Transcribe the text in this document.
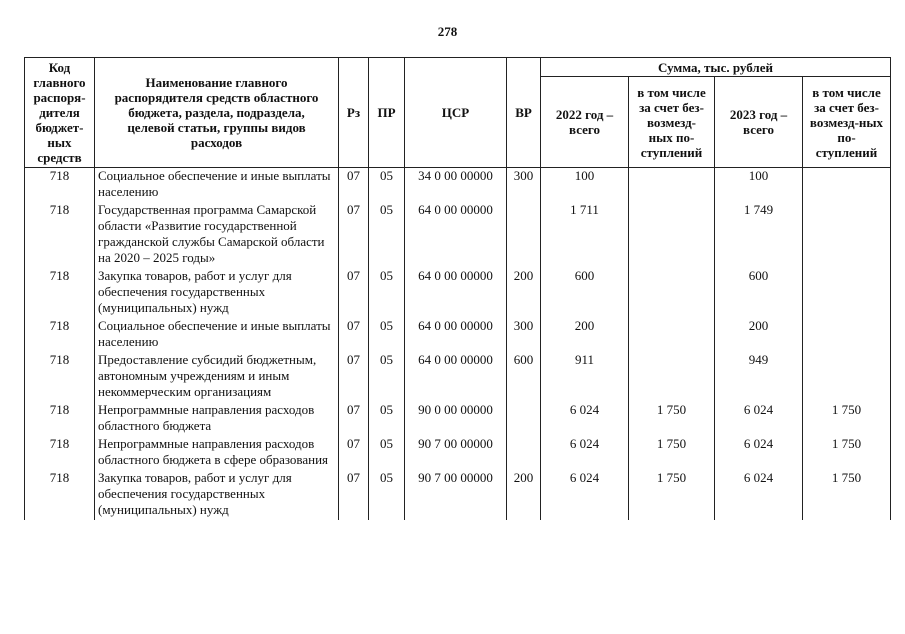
278
Код главного распоря-дителя бюджет-ных средств	Наименование главного распорядителя средств областного бюджета, раздела, подраздела, целевой статьи, группы видов расходов	Рз	ПР	ЦСР	ВР	Сумма, тыс. рублей			
						2022 год – всего	в том числе за счет без-возмезд-ных по-ступлений	2023 год – всего	в том числе за счет без-возмезд-ных по-ступлений
718	Социальное обеспечение и иные выплаты населению	07	05	34 0 00 00000	300	100		100	
718	Государственная программа Самарской области «Развитие государственной гражданской службы Самарской области на 2020 – 2025 годы»	07	05	64 0 00 00000		1 711		1 749	
718	Закупка товаров, работ и услуг для обеспечения государственных (муниципальных) нужд	07	05	64 0 00 00000	200	600		600	
718	Социальное обеспечение и иные выплаты населению	07	05	64 0 00 00000	300	200		200	
718	Предоставление субсидий бюджетным, автономным учреждениям и иным некоммерческим организациям	07	05	64 0 00 00000	600	911		949	
718	Непрограммные направления расходов областного бюджета	07	05	90 0 00 00000		6 024	1 750	6 024	1 750
718	Непрограммные направления расходов областного бюджета в сфере образования	07	05	90 7 00 00000		6 024	1 750	6 024	1 750
718	Закупка товаров, работ и услуг для обеспечения государственных (муниципальных) нужд	07	05	90 7 00 00000	200	6 024	1 750	6 024	1 750
